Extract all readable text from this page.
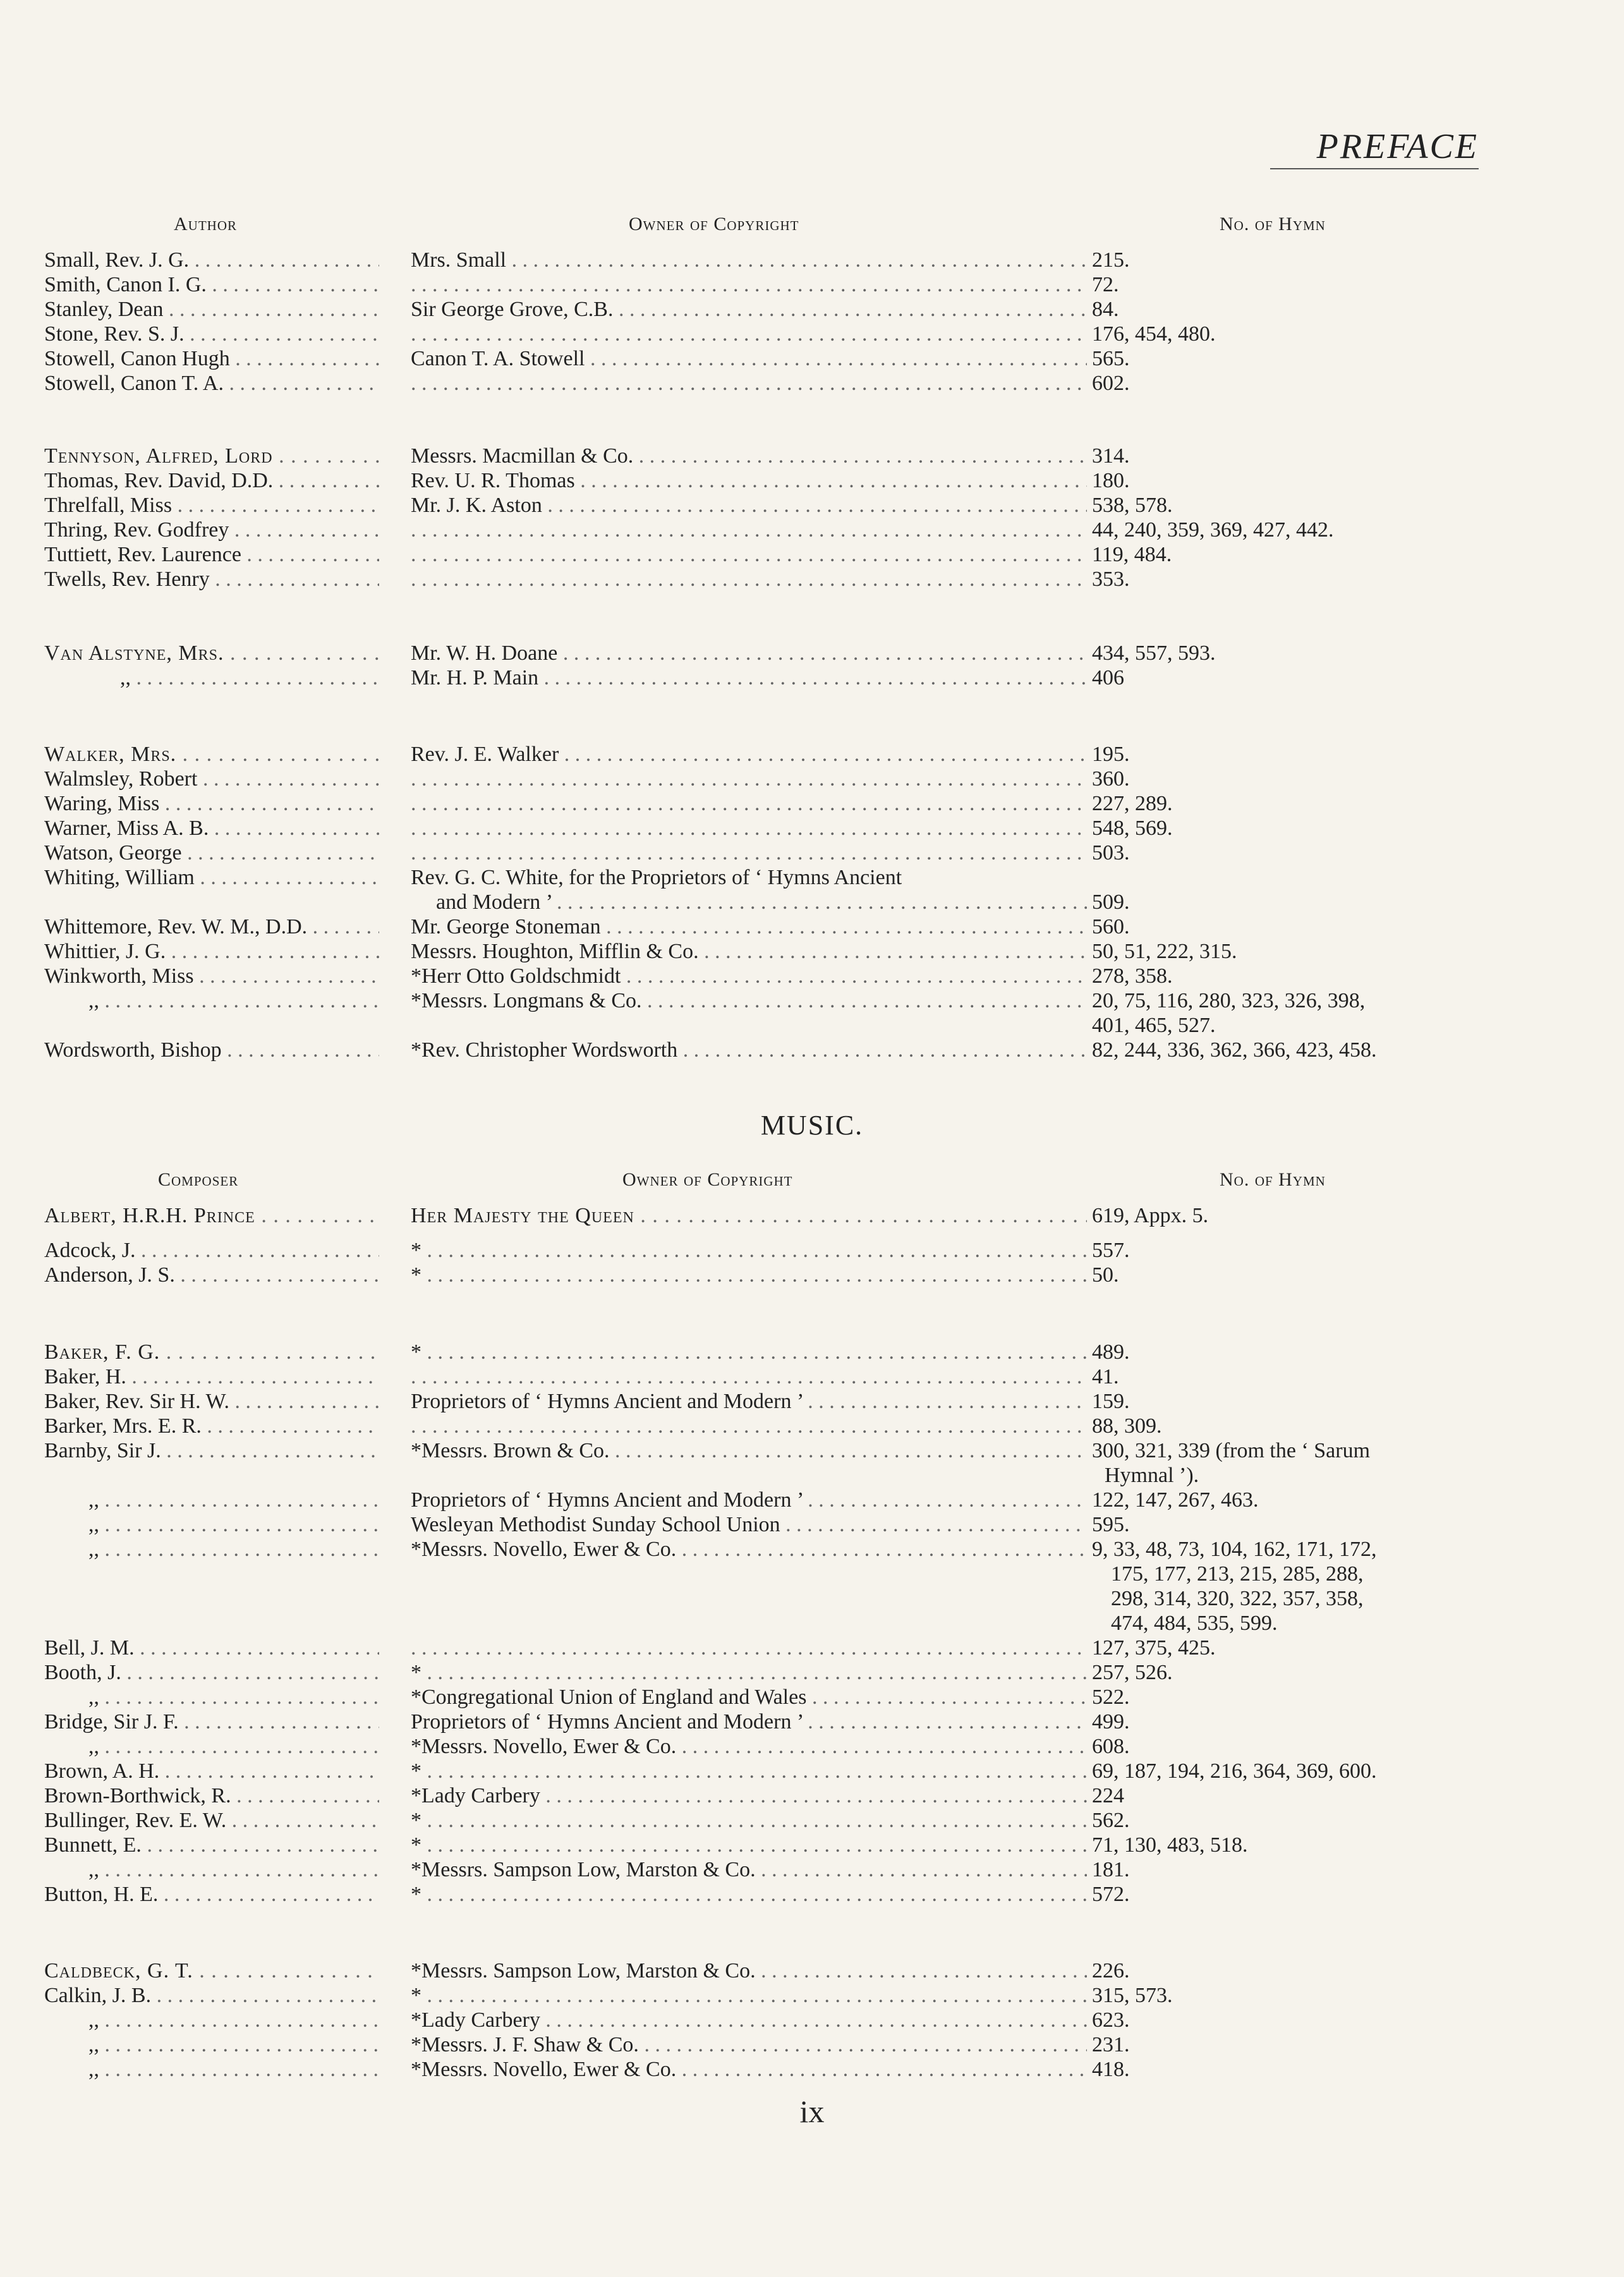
PREFACE
Author	Owner of Copyright	No. of Hymn
Small, Rev. J. G. . . .	Mrs. Small . . .	215.
Smith, Canon I. G. . . . . . .	72.
Stanley, Dean . . .	Sir George Grove, C.B. . . .	84.
Stone, Rev. S. J. . . . . . .	176, 454, 480.
Stowell, Canon Hugh . . .	Canon T. A. Stowell . . .	565.
Stowell, Canon T. A. . . . . . .	602.
Tennyson, Alfred, Lord . . .	Messrs. Macmillan & Co. . . .	314.
Thomas, Rev. David, D.D. . . .	Rev. U. R. Thomas . . .	180.
Threlfall, Miss . . .	Mr. J. K. Aston . . .	538, 578.
Thring, Rev. Godfrey . . . . . .	44, 240, 359, 369, 427, 442.
Tuttiett, Rev. Laurence . . . . . .	119, 484.
Twells, Rev. Henry . . . . . .	353.
Van Alstyne, Mrs. . . .	Mr. W. H. Doane . . .	434, 557, 593.
,, . . .	Mr. H. P. Main . . .	406
Walker, Mrs. . . .	Rev. J. E. Walker . . .	195.
Walmsley, Robert . . . . . .	360.
Waring, Miss . . . . . .	227, 289.
Warner, Miss A. B. . . . . . .	548, 569.
Watson, George . . . . . .	503.
Whiting, William . . .	Rev. G. C. White, for the Proprietors of ‘ Hymns Ancient
and Modern ’ . . .	509.
Whittemore, Rev. W. M., D.D. . . .	Mr. George Stoneman . . .	560.
Whittier, J. G. . . .	Messrs. Houghton, Mifflin & Co. . . .	50, 51, 222, 315.
Winkworth, Miss . . .	*Herr Otto Goldschmidt . . .	278, 358.
,, . . .	*Messrs. Longmans & Co. . . .	20, 75, 116, 280, 323, 326, 398,
401, 465, 527.
Wordsworth, Bishop . . .	*Rev. Christopher Wordsworth . . .	82, 244, 336, 362, 366, 423, 458.
MUSIC.
Composer	Owner of Copyright	No. of Hymn
Albert, H.R.H. Prince . . .	Her Majesty the Queen . . .	619, Appx. 5.
Adcock, J. . . .	* . . .	557.
Anderson, J. S. . . .	* . . .	50.
Baker, F. G. . . .	* . . .	489.
Baker, H. . . . . . .	41.
Baker, Rev. Sir H. W. . . .	Proprietors of ‘ Hymns Ancient and Modern ’ . . .	159.
Barker, Mrs. E. R. . . . . . .	88, 309.
Barnby, Sir J. . . .	*Messrs. Brown & Co. . . .	300, 321, 339 (from the ‘ Sarum
Hymnal ’).
,, . . .	Proprietors of ‘ Hymns Ancient and Modern ’ . . .	122, 147, 267, 463.
,, . . .	Wesleyan Methodist Sunday School Union . . .	595.
,, . . .	*Messrs. Novello, Ewer & Co. . . .	9, 33, 48, 73, 104, 162, 171, 172,
175, 177, 213, 215, 285, 288,
298, 314, 320, 322, 357, 358,
474, 484, 535, 599.
Bell, J. M. . . . . . .	127, 375, 425.
Booth, J. . . .	* . . .	257, 526.
,, . . .	*Congregational Union of England and Wales . . .	522.
Bridge, Sir J. F. . . .	Proprietors of ‘ Hymns Ancient and Modern ’ . . .	499.
,, . . .	*Messrs. Novello, Ewer & Co. . . .	608.
Brown, A. H. . . .	* . . .	69, 187, 194, 216, 364, 369, 600.
Brown-Borthwick, R. . . .	*Lady Carbery . . .	224
Bullinger, Rev. E. W. . . .	* . . .	562.
Bunnett, E. . . .	* . . .	71, 130, 483, 518.
,, . . .	*Messrs. Sampson Low, Marston & Co. . . .	181.
Button, H. E. . . .	* . . .	572.
Caldbeck, G. T. . . .	*Messrs. Sampson Low, Marston & Co. . . .	226.
Calkin, J. B. . . .	* . . .	315, 573.
,, . . .	*Lady Carbery . . .	623.
,, . . .	*Messrs. J. F. Shaw & Co. . . .	231.
,, . . .	*Messrs. Novello, Ewer & Co. . . .	418.
ix
